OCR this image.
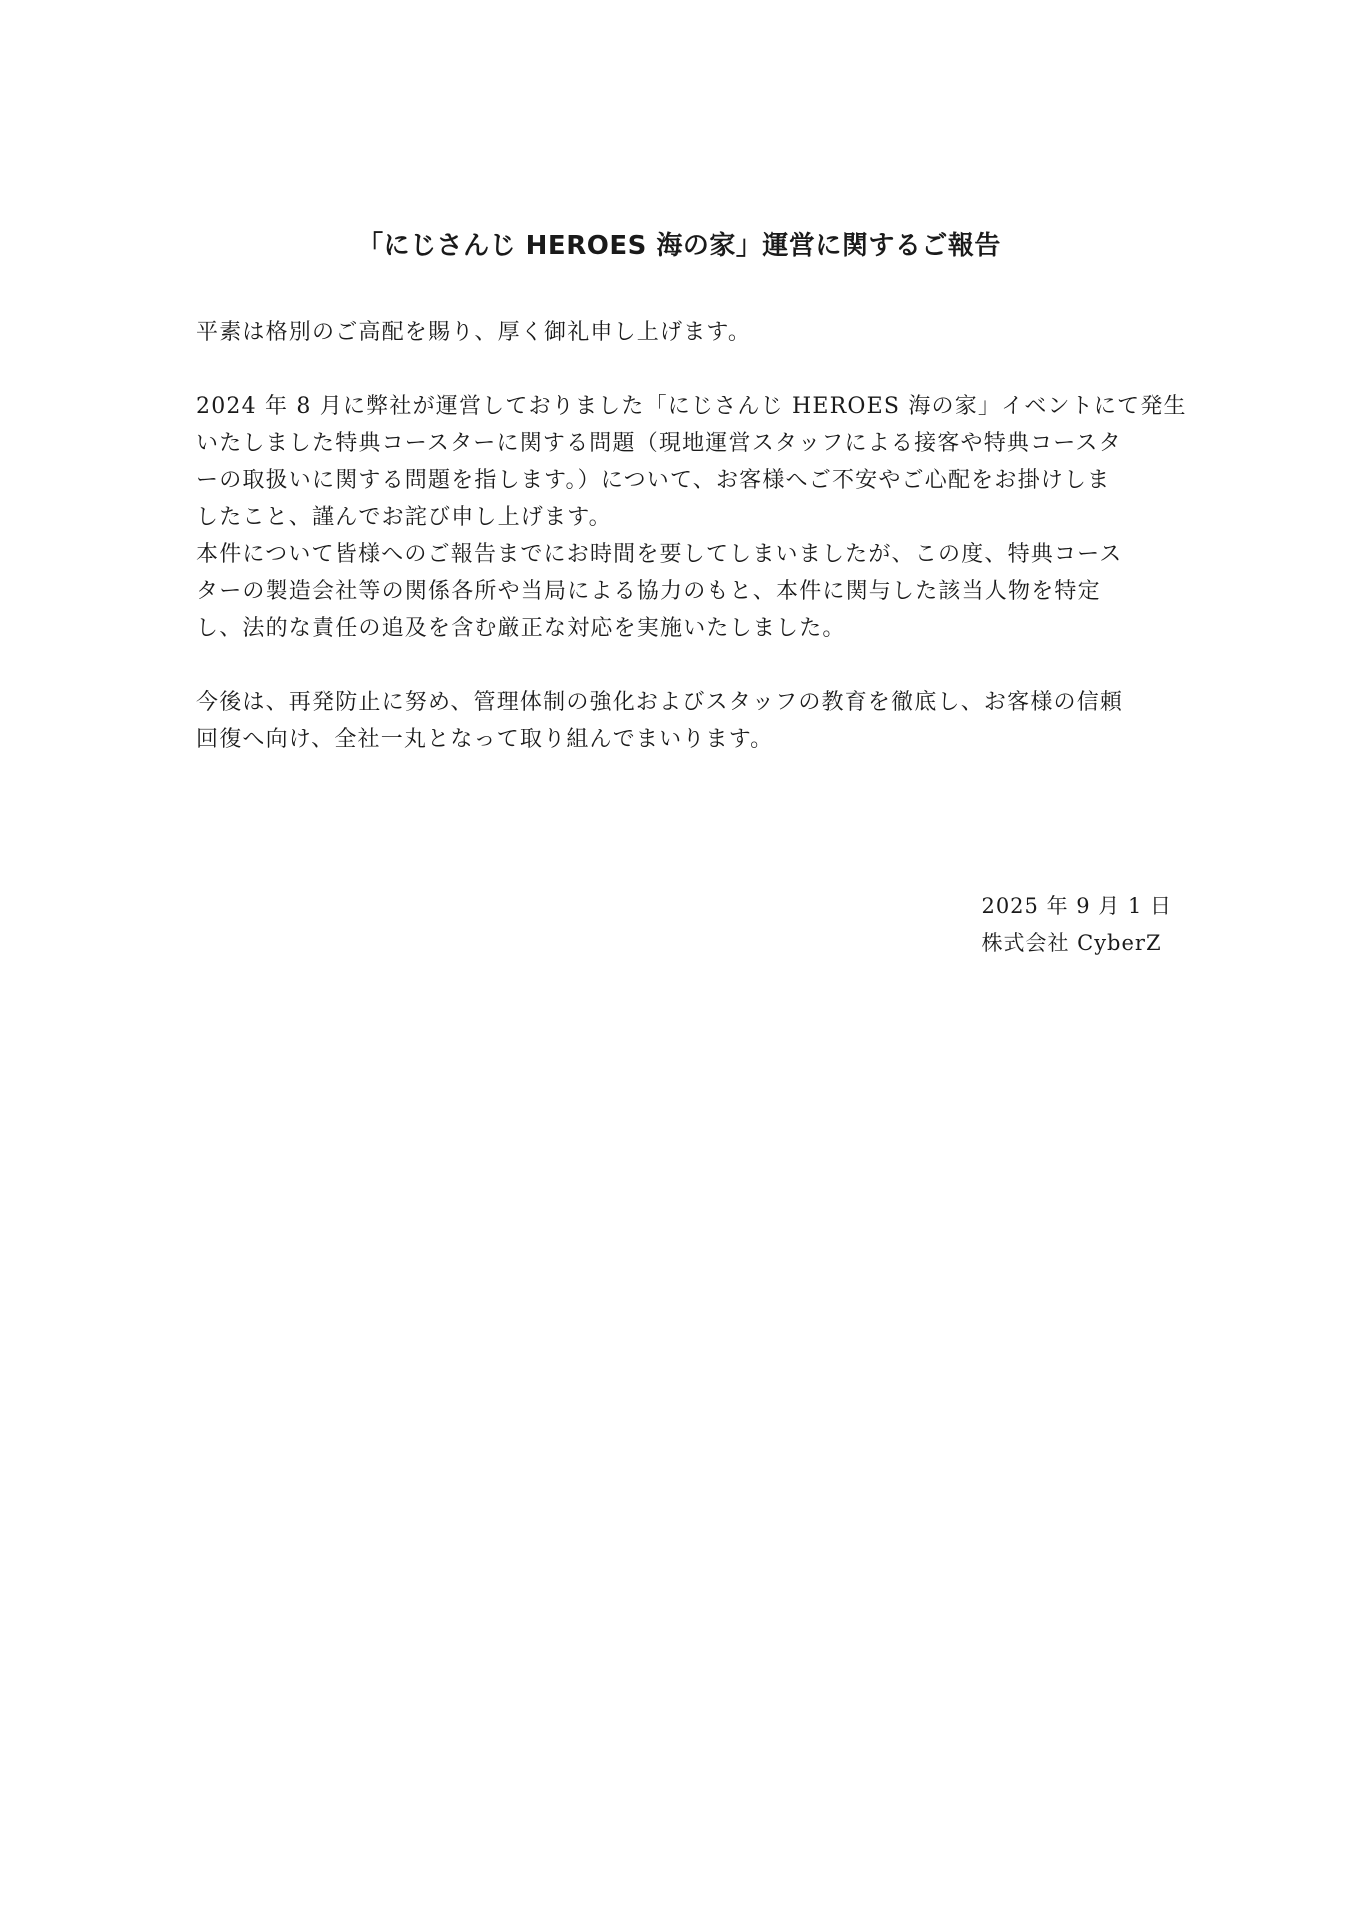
「にじさんじ HEROES 海の家」運営に関するご報告

平素は格別のご高配を賜り、厚く御礼申し上げます。

2024 年 8 月に弊社が運営しておりました「にじさんじ HEROES 海の家」イベントにて発生

いたしました特典コースターに関する問題（現地運営スタッフによる接客や特典コースタ

ーの取扱いに関する問題を指します。）について、お客様へご不安やご心配をお掛けしま

したこと、謹んでお詫び申し上げます。

本件について皆様へのご報告までにお時間を要してしまいましたが、この度、特典コース

ターの製造会社等の関係各所や当局による協力のもと、本件に関与した該当人物を特定

し、法的な責任の追及を含む厳正な対応を実施いたしました。

今後は、再発防止に努め、管理体制の強化およびスタッフの教育を徹底し、お客様の信頼

回復へ向け、全社一丸となって取り組んでまいります。

2025 年 9 月 1 日

株式会社 CyberZ
